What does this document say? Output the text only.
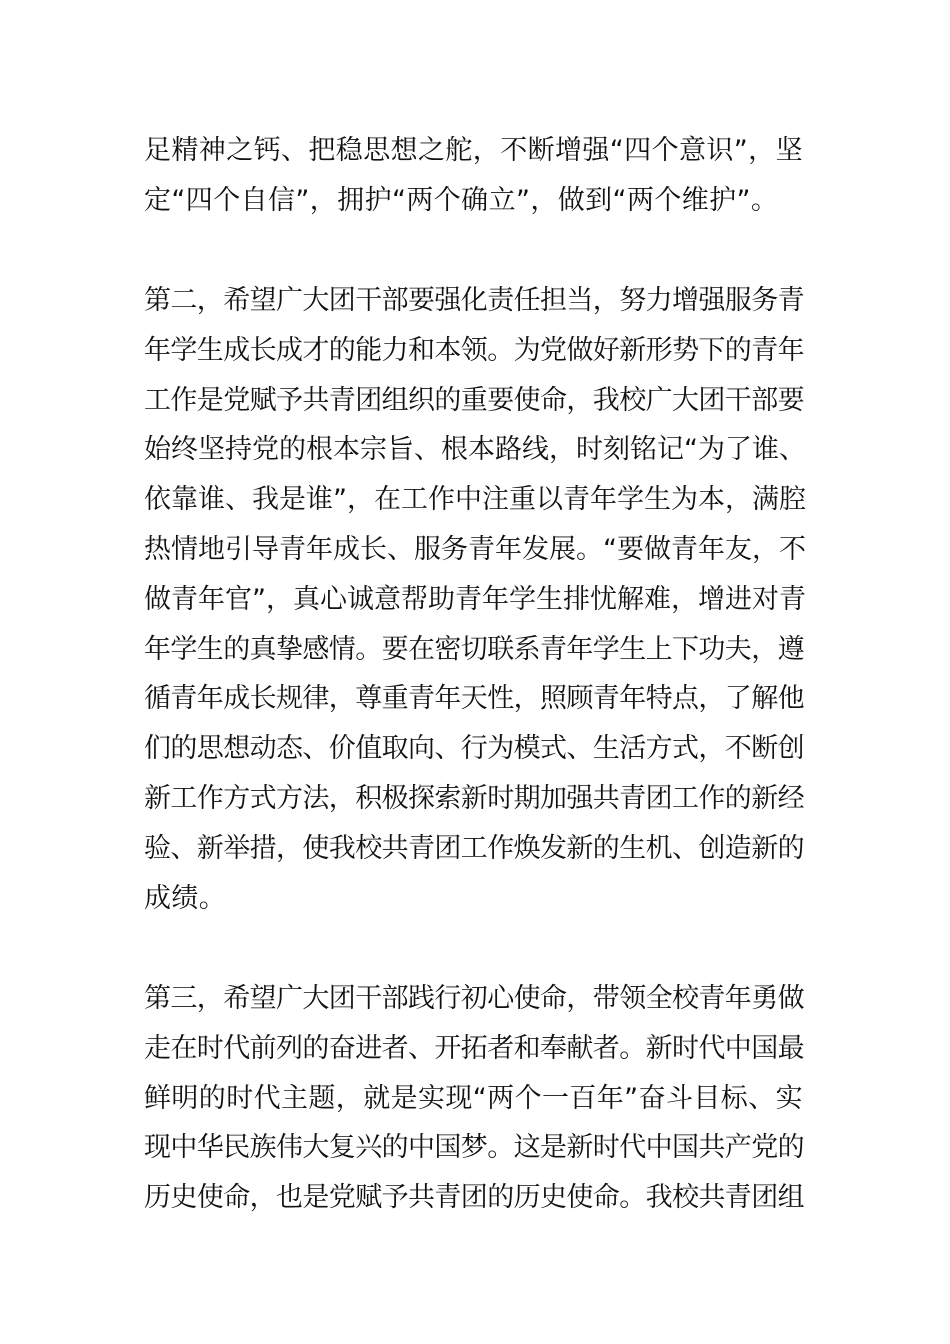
足精神之钙、把稳思想之舵，不断增强“四个意识”，坚
定“四个自信”，拥护“两个确立”，做到“两个维护”。

第二，希望广大团干部要强化责任担当，努力增强服务青
年学生成长成才的能力和本领。为党做好新形势下的青年
工作是党赋予共青团组织的重要使命，我校广大团干部要
始终坚持党的根本宗旨、根本路线，时刻铭记“为了谁、
依靠谁、我是谁”，在工作中注重以青年学生为本，满腔
热情地引导青年成长、服务青年发展。“要做青年友，不
做青年官”，真心诚意帮助青年学生排忧解难，增进对青
年学生的真挚感情。要在密切联系青年学生上下功夫，遵
循青年成长规律，尊重青年天性，照顾青年特点，了解他
们的思想动态、价值取向、行为模式、生活方式，不断创
新工作方式方法，积极探索新时期加强共青团工作的新经
验、新举措，使我校共青团工作焕发新的生机、创造新的
成绩。

第三，希望广大团干部践行初心使命，带领全校青年勇做
走在时代前列的奋进者、开拓者和奉献者。新时代中国最
鲜明的时代主题，就是实现“两个一百年”奋斗目标、实
现中华民族伟大复兴的中国梦。这是新时代中国共产党的
历史使命，也是党赋予共青团的历史使命。我校共青团组
